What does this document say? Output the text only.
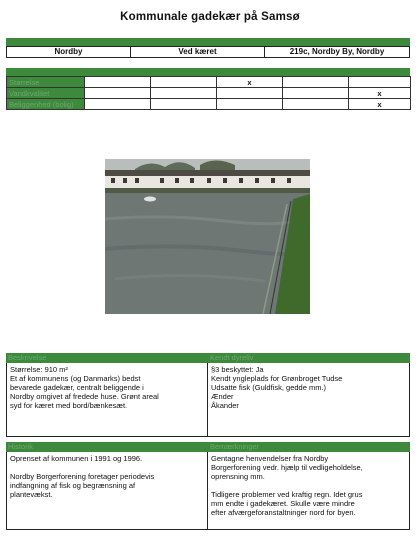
Kommunale gadekær på Samsø
Nordby	Ved kæret	219c, Nordby By, Nordby
Størrelse			x		
Vandkvalitet					x
Beliggenhed (bolig)					x
Beskrivelse	Kendt dyreliv
Størrelse: 910 m²
Et af kommunens (og Danmarks) bedst
bevarede gadekær, centralt beliggende i
Nordby omgivet af fredede huse. Grønt areal
syd for kæret med bord/bænkesæt.
§3 beskyttet: Ja
Kendt yngleplads for Grønbroget Tudse
Udsatte fisk (Guldfisk, gedde mm.)
Ænder
Åkander
Historik	Bemærkninger
Oprenset af kommunen i 1991 og 1996.
Nordby Borgerforening foretager periodevis
indfangning af fisk og begrænsning af
plantevækst.
Gentagne henvendelser fra Nordby
Borgerforening vedr. hjælp til vedligeholdelse,
oprensning mm.
Tidligere problemer ved kraftig regn. Idet grus
mm endte i gadekæret. Skulle være mindre
efter afværgeforanstaltninger nord for byen.
